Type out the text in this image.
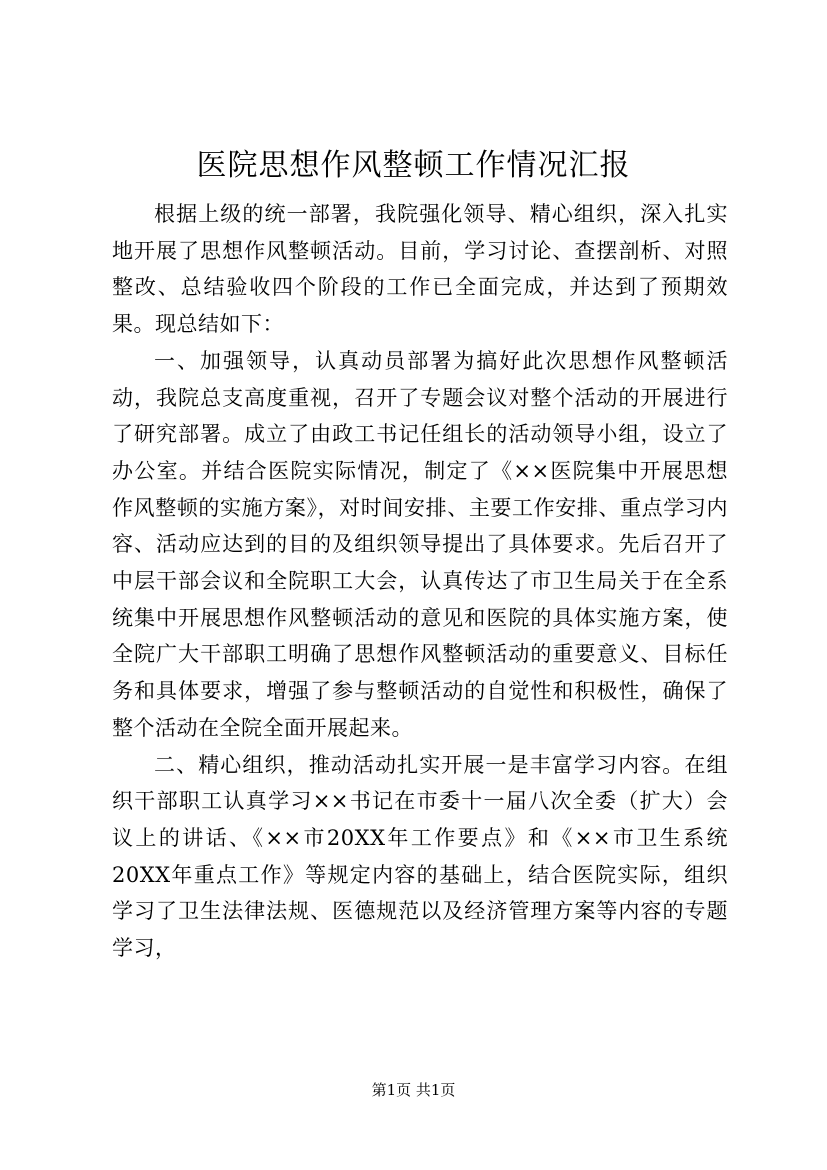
医院思想作风整顿工作情况汇报

根据上级的统一部署，我院强化领导、精心组织，深入扎实地开展了思想作风整顿活动。目前，学习讨论、查摆剖析、对照整改、总结验收四个阶段的工作已全面完成，并达到了预期效果。现总结如下：

一、加强领导，认真动员部署为搞好此次思想作风整顿活动，我院总支高度重视，召开了专题会议对整个活动的开展进行了研究部署。成立了由政工书记任组长的活动领导小组，设立了办公室。并结合医院实际情况，制定了《××医院集中开展思想作风整顿的实施方案》，对时间安排、主要工作安排、重点学习内容、活动应达到的目的及组织领导提出了具体要求。先后召开了中层干部会议和全院职工大会，认真传达了市卫生局关于在全系统集中开展思想作风整顿活动的意见和医院的具体实施方案，使全院广大干部职工明确了思想作风整顿活动的重要意义、目标任务和具体要求，增强了参与整顿活动的自觉性和积极性，确保了整个活动在全院全面开展起来。

二、精心组织，推动活动扎实开展一是丰富学习内容。在组织干部职工认真学习××书记在市委十一届八次全委（扩大）会议上的讲话、《××市20XX年工作要点》和《××市卫生系统20XX年重点工作》等规定内容的基础上，结合医院实际，组织学习了卫生法律法规、医德规范以及经济管理方案等内容的专题学习，

第1页 共1页
